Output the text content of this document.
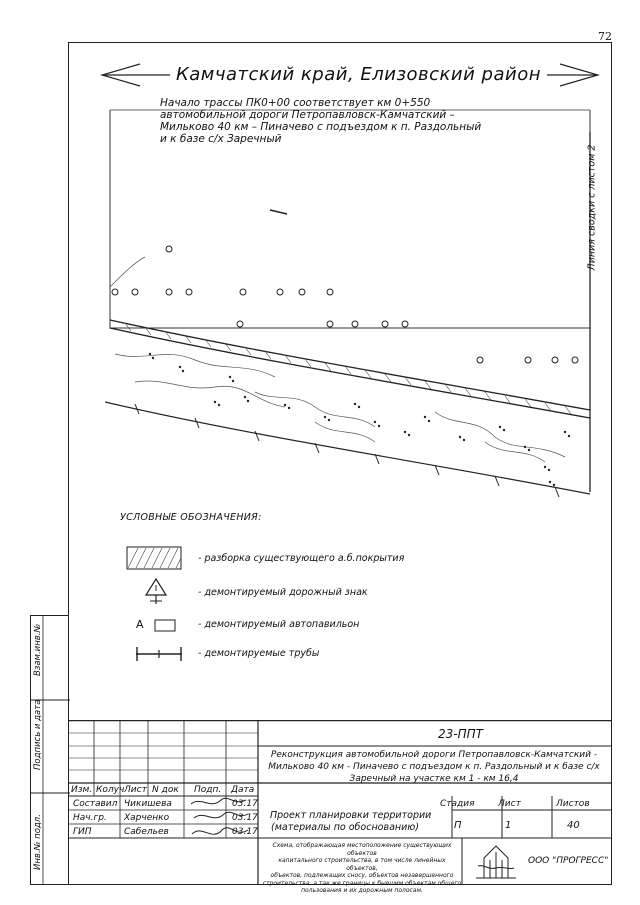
72
Камчатский край, Елизовский район
Начало трассы ПК0+00 соответствует км 0+550
автомобильной дороги Петропавловск-Камчатский –
Мильково 40 км – Пиначево с подъездом к п. Раздольный
и к базе с/х Заречный
Линия сводки с листом 2
УСЛОВНЫЕ ОБОЗНАЧЕНИЯ:
- разборка существующего а.б.покрытия
- демонтируемый дорожный знак
А	- демонтируемый автопавильон
- демонтируемые трубы
Взам.инв.№
Подпись и дата
Инв.№ подл.
23-ППТ
Реконструкция автомобильной дороги Петропавловск-Камчатский -
Мильково 40 км - Пиначево с подъездом к п. Раздольный и к базе с/х
Заречный на участке км 1 - км 16,4
Изм. Колуч Лист N док Подп. Дата
Составил Чикишева	03.17
Нач.гр. Харченко	03.17
ГИП	Сабельев	03.17
Проект планировки территории
(материалы по обоснованию)
Стадия	Лист	Листов
П	1	40
Схема, отображающая местоположение существующих объектов
капитального строительства, в том числе линейных объектов,
объектов, подлежащих сносу, объектов незавершенного
строительства, а так же границы к бывшим объектам общего
пользования и их дорожным полосам.
ООО "ПРОГРЕСС"
